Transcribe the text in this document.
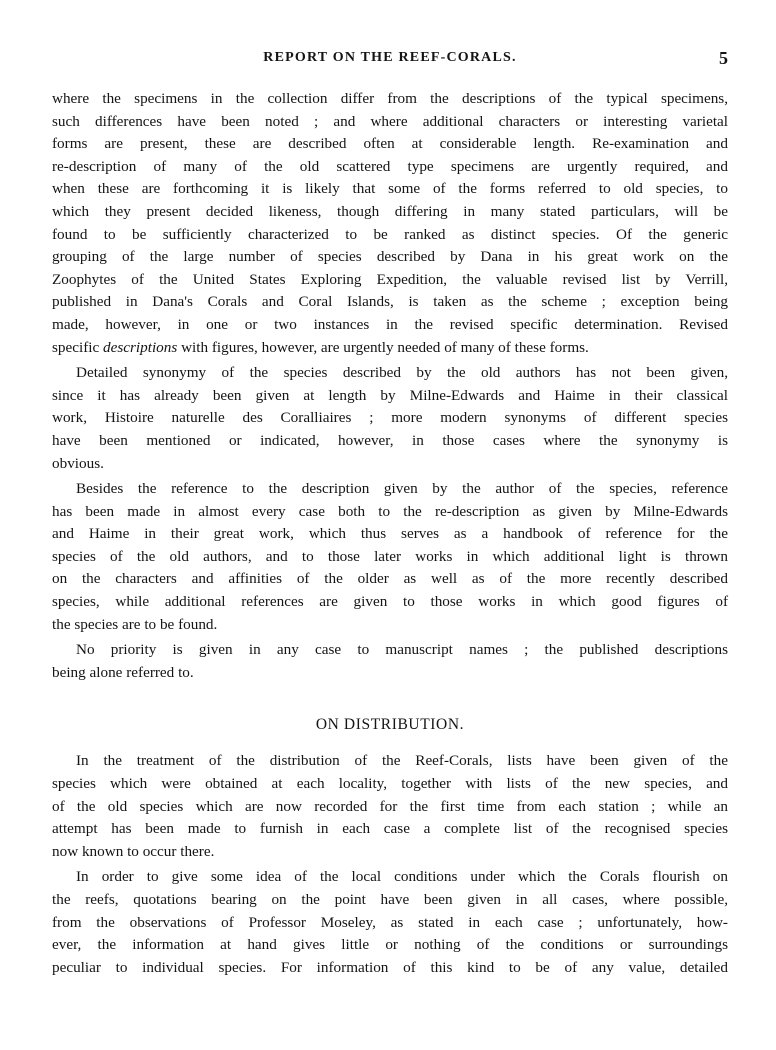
REPORT ON THE REEF-CORALS.	5
where the specimens in the collection differ from the descriptions of the typical specimens,
such differences have been noted ; and where additional characters or interesting varietal
forms are present, these are described often at considerable length. Re-examination and
re-description of many of the old scattered type specimens are urgently required, and
when these are forthcoming it is likely that some of the forms referred to old species, to
which they present decided likeness, though differing in many stated particulars, will be
found to be sufficiently characterized to be ranked as distinct species. Of the generic
grouping of the large number of species described by Dana in his great work on the
Zoophytes of the United States Exploring Expedition, the valuable revised list by Verrill,
published in Dana's Corals and Coral Islands, is taken as the scheme ; exception being
made, however, in one or two instances in the revised specific determination. Revised
specific descriptions with figures, however, are urgently needed of many of these forms.
Detailed synonymy of the species described by the old authors has not been given,
since it has already been given at length by Milne-Edwards and Haime in their classical
work, Histoire naturelle des Coralliaires ; more modern synonyms of different species
have been mentioned or indicated, however, in those cases where the synonymy is
obvious.
Besides the reference to the description given by the author of the species, reference
has been made in almost every case both to the re-description as given by Milne-Edwards
and Haime in their great work, which thus serves as a handbook of reference for the
species of the old authors, and to those later works in which additional light is thrown
on the characters and affinities of the older as well as of the more recently described
species, while additional references are given to those works in which good figures of
the species are to be found.
No priority is given in any case to manuscript names ; the published descriptions
being alone referred to.
ON DISTRIBUTION.
In the treatment of the distribution of the Reef-Corals, lists have been given of the
species which were obtained at each locality, together with lists of the new species, and
of the old species which are now recorded for the first time from each station ; while an
attempt has been made to furnish in each case a complete list of the recognised species
now known to occur there.
In order to give some idea of the local conditions under which the Corals flourish on
the reefs, quotations bearing on the point have been given in all cases, where possible,
from the observations of Professor Moseley, as stated in each case ; unfortunately, how-
ever, the information at hand gives little or nothing of the conditions or surroundings
peculiar to individual species. For information of this kind to be of any value, detailed
